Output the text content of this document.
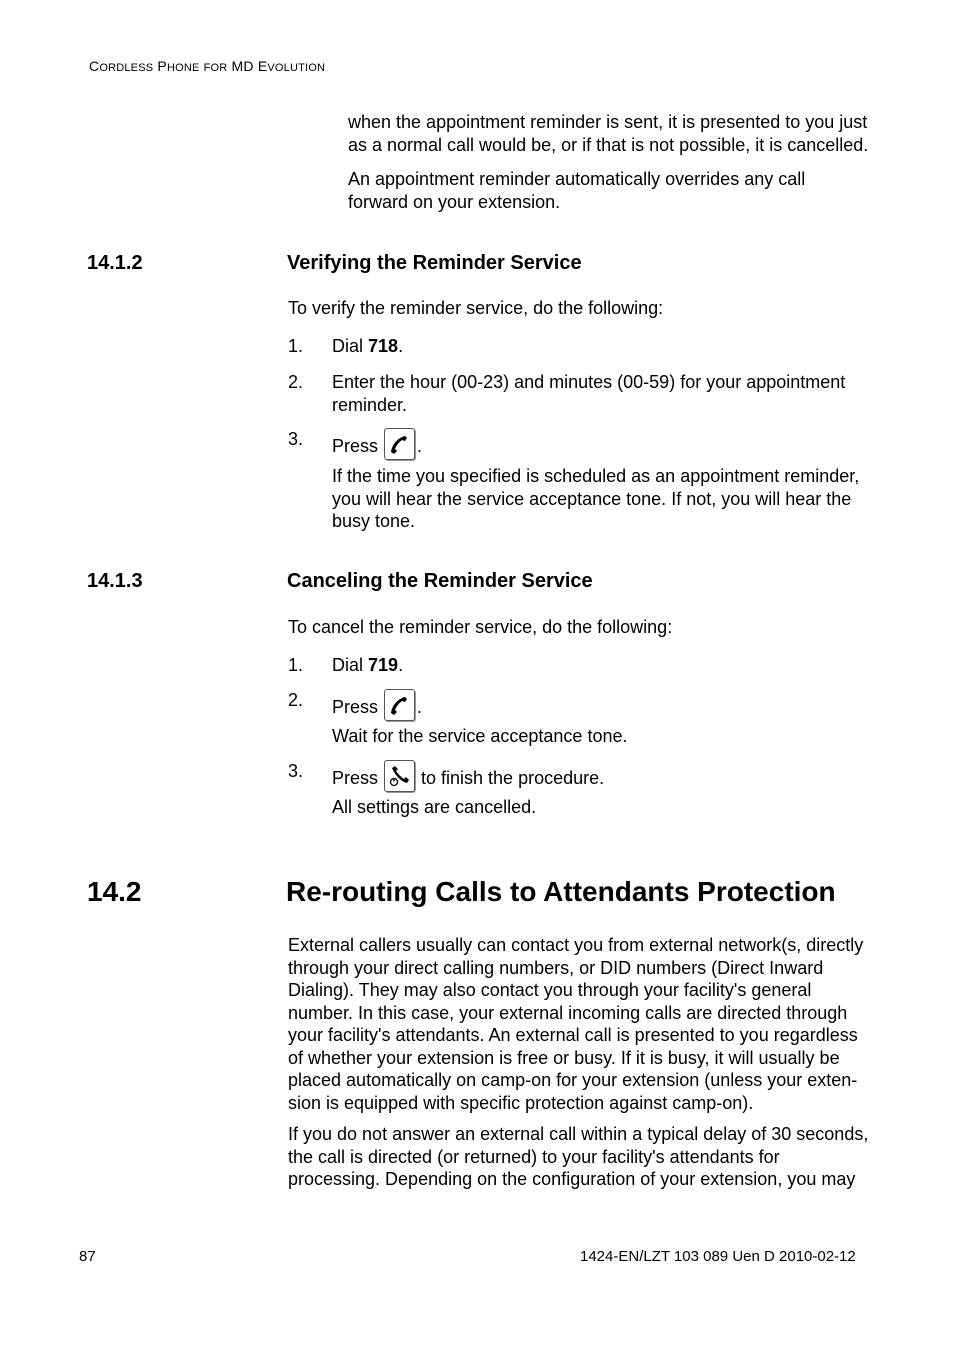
CORDLESS PHONE FOR MD EVOLUTION
when the appointment reminder is sent, it is presented to you just
as a normal call would be, or if that is not possible, it is cancelled.
An appointment reminder automatically overrides any call
forward on your extension.
14.1.2	Verifying the Reminder Service
To verify the reminder service, do the following:
1. Dial 718.
2. Enter the hour (00-23) and minutes (00-59) for your appointment
reminder.
3. Press .
If the time you specified is scheduled as an appointment reminder,
you will hear the service acceptance tone. If not, you will hear the
busy tone.
14.1.3	Canceling the Reminder Service
To cancel the reminder service, do the following:
1. Dial 719.
2. Press .
Wait for the service acceptance tone.
3. Press to finish the procedure.
All settings are cancelled.
14.2	Re-routing Calls to Attendants Protection
External callers usually can contact you from external network(s, directly
through your direct calling numbers, or DID numbers (Direct Inward
Dialing). They may also contact you through your facility's general
number. In this case, your external incoming calls are directed through
your facility's attendants. An external call is presented to you regardless
of whether your extension is free or busy. If it is busy, it will usually be
placed automatically on camp-on for your extension (unless your exten-
sion is equipped with specific protection against camp-on).
If you do not answer an external call within a typical delay of 30 seconds,
the call is directed (or returned) to your facility's attendants for
processing. Depending on the configuration of your extension, you may
87	1424-EN/LZT 103 089 Uen D 2010-02-12
